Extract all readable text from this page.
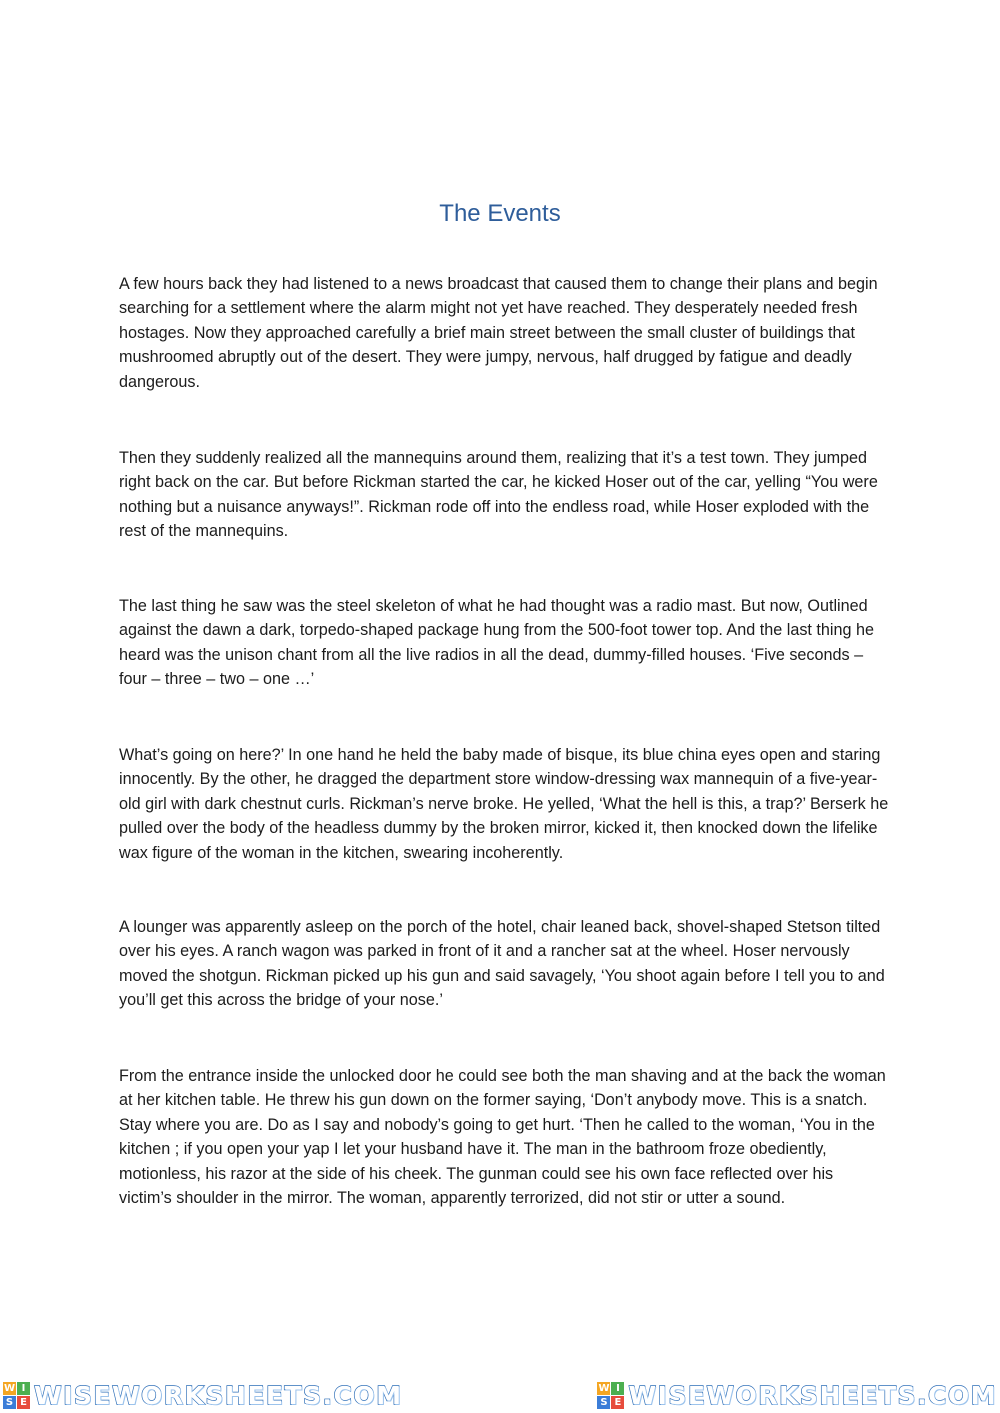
The Events

A few hours back they had listened to a news broadcast that caused them to change their plans and begin searching for a settlement where the alarm might not yet have reached. They desperately needed fresh hostages. Now they approached carefully a brief main street between the small cluster of buildings that mushroomed abruptly out of the desert. They were jumpy, nervous, half drugged by fatigue and deadly dangerous.

Then they suddenly realized all the mannequins around them, realizing that it’s a test town. They jumped right back on the car. But before Rickman started the car, he kicked Hoser out of the car, yelling “You were nothing but a nuisance anyways!”. Rickman rode off into the endless road, while Hoser exploded with the rest of the mannequins.

The last thing he saw was the steel skeleton of what he had thought was a radio mast. But now, Outlined against the dawn a dark, torpedo-shaped package hung from the 500-foot tower top. And the last thing he heard was the unison chant from all the live radios in all the dead, dummy-filled houses. ‘Five seconds – four – three – two – one …’

What’s going on here?’ In one hand he held the baby made of bisque, its blue china eyes open and staring innocently. By the other, he dragged the department store window-dressing wax mannequin of a five-year-old girl with dark chestnut curls. Rickman’s nerve broke. He yelled, ‘What the hell is this, a trap?’ Berserk he pulled over the body of the headless dummy by the broken mirror, kicked it, then knocked down the lifelike wax figure of the woman in the kitchen, swearing incoherently.

A lounger was apparently asleep on the porch of the hotel, chair leaned back, shovel-shaped Stetson tilted over his eyes. A ranch wagon was parked in front of it and a rancher sat at the wheel. Hoser nervously moved the shotgun. Rickman picked up his gun and said savagely, ‘You shoot again before I tell you to and you’ll get this across the bridge of your nose.’

From the entrance inside the unlocked door he could see both the man shaving and at the back the woman at her kitchen table. He threw his gun down on the former saying, ‘Don’t anybody move. This is a snatch. Stay where you are. Do as I say and nobody’s going to get hurt. ‘Then he called to the woman, ‘You in the kitchen ; if you open your yap I let your husband have it. The man in the bathroom froze obediently, motionless, his razor at the side of his cheek. The gunman could see his own face reflected over his victim’s shoulder in the mirror. The woman, apparently terrorized, did not stir or utter a sound.

W I
S E WISEWORKSHEETS.COM	W I
S E WISEWORKSHEETS.COM
